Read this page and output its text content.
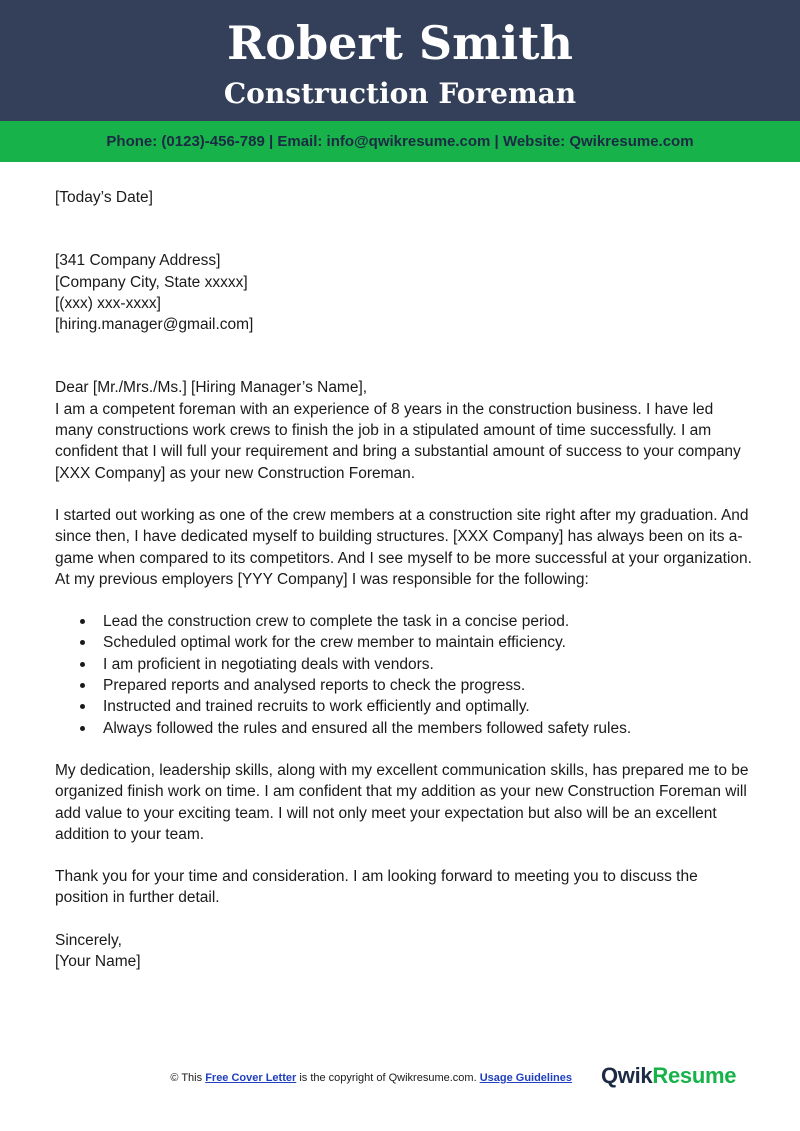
Robert Smith
Construction Foreman
Phone: (0123)-456-789 | Email: info@qwikresume.com | Website: Qwikresume.com

[Today’s Date]

[341 Company Address]

[Company City, State xxxxx]

[(xxx) xxx-xxxx]

[hiring.manager@gmail.com]

Dear [Mr./Mrs./Ms.] [Hiring Manager’s Name],

I am a competent foreman with an experience of 8 years in the construction business. I have led many constructions work crews to finish the job in a stipulated amount of time successfully. I am confident that I will full your requirement and bring a substantial amount of success to your company [XXX Company] as your new Construction Foreman.

I started out working as one of the crew members at a construction site right after my graduation. And since then, I have dedicated myself to building structures. [XXX Company] has always been on its a-game when compared to its competitors. And I see myself to be more successful at your organization. At my previous employers [YYY Company] I was responsible for the following:

Lead the construction crew to complete the task in a concise period.
Scheduled optimal work for the crew member to maintain efficiency.
I am proficient in negotiating deals with vendors.
Prepared reports and analysed reports to check the progress.
Instructed and trained recruits to work efficiently and optimally.
Always followed the rules and ensured all the members followed safety rules.

My dedication, leadership skills, along with my excellent communication skills, has prepared me to be organized finish work on time. I am confident that my addition as your new Construction Foreman will add value to your exciting team. I will not only meet your expectation but also will be an excellent addition to your team.

Thank you for your time and consideration. I am looking forward to meeting you to discuss the position in further detail.

Sincerely,

[Your Name]

© This Free Cover Letter is the copyright of Qwikresume.com. Usage Guidelines QwikResume
